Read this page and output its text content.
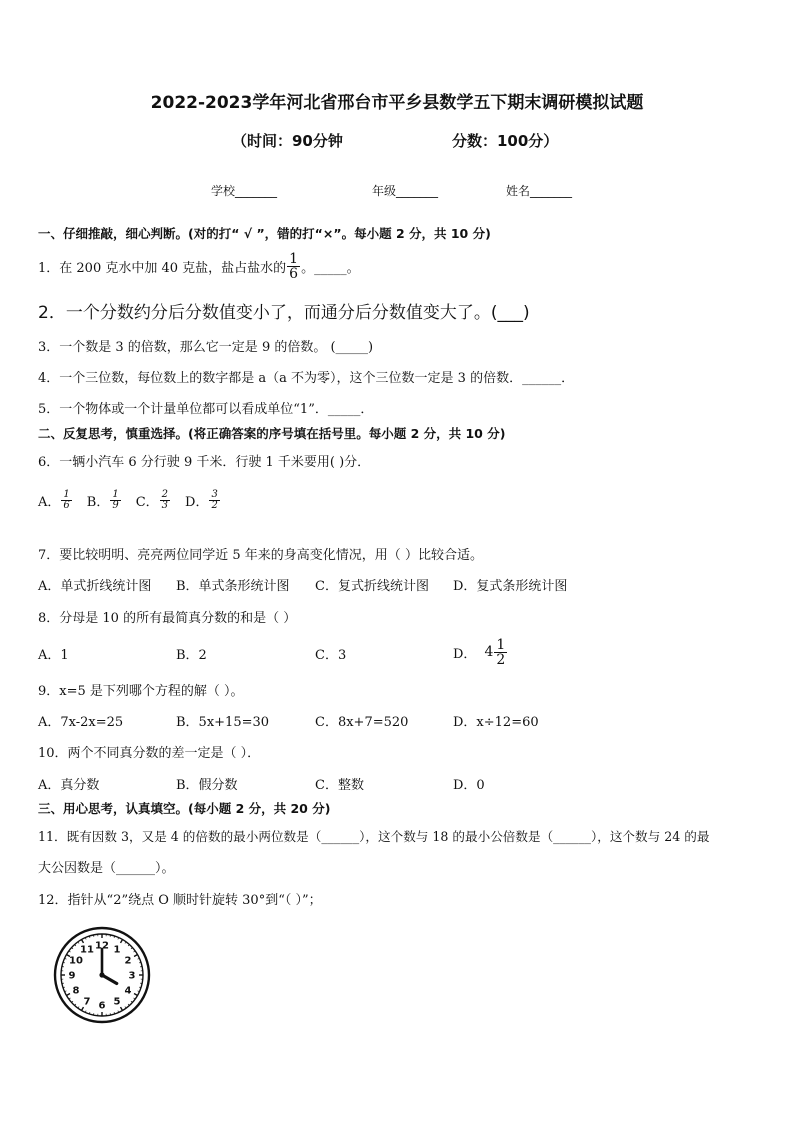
2022-2023学年河北省邢台市平乡县数学五下期末调研模拟试题
（时间：90分钟	分数：100分）
学校_______	年级_______	姓名_______
一、仔细推敲，细心判断。(对的打“ √ ”，错的打“×”。每小题 2 分，共 10 分)
1．在 200 克水中加 40 克盐，盐占盐水的 $\frac{1}{6}$ 。_____。
2．一个分数约分后分数值变小了，而通分后分数值变大了。(___)
3．一个数是 3 的倍数，那么它一定是 9 的倍数。 (_____)
4．一个三位数，每位数上的数字都是 a（a 不为零），这个三位数一定是 3 的倍数．______．
5．一个物体或一个计量单位都可以看成单位“1”．_____．
二、反复思考，慎重选择。(将正确答案的序号填在括号里。每小题 2 分，共 10 分)
6．一辆小汽车 6 分行驶 9 千米．行驶 1 千米要用( )分．
A． $\frac{1}{6}$ B． $\frac{1}{9}$ C． $\frac{2}{3}$ D． $\frac{3}{2}$
7．要比较明明、亮亮两位同学近 5 年来的身高变化情况，用（ ）比较合适。
A．单式折线统计图 B．单式条形统计图 C．复式折线统计图 D．复式条形统计图
8．分母是 10 的所有最简真分数的和是（ ）
A．1	B．2	C．3	D． $4 \frac{1}{2}$
9．x=5 是下列哪个方程的解（ ）。
A．7x-2x=25	B．5x+15=30	C．8x+7=520	D．x÷12=60
10．两个不同真分数的差一定是（ ）．
A．真分数	B．假分数	C．整数	D．0
三、用心思考，认真填空。(每小题 2 分，共 20 分)
11．既有因数 3，又是 4 的倍数的最小两位数是（______），这个数与 18 的最小公倍数是（______），这个数与 24 的最
大公因数是（______）。
12．指针从“2”绕点 O 顺时针旋转 30°到“（ ）”；
12 1
2
3
4
5
6
7
8
9
10
11
